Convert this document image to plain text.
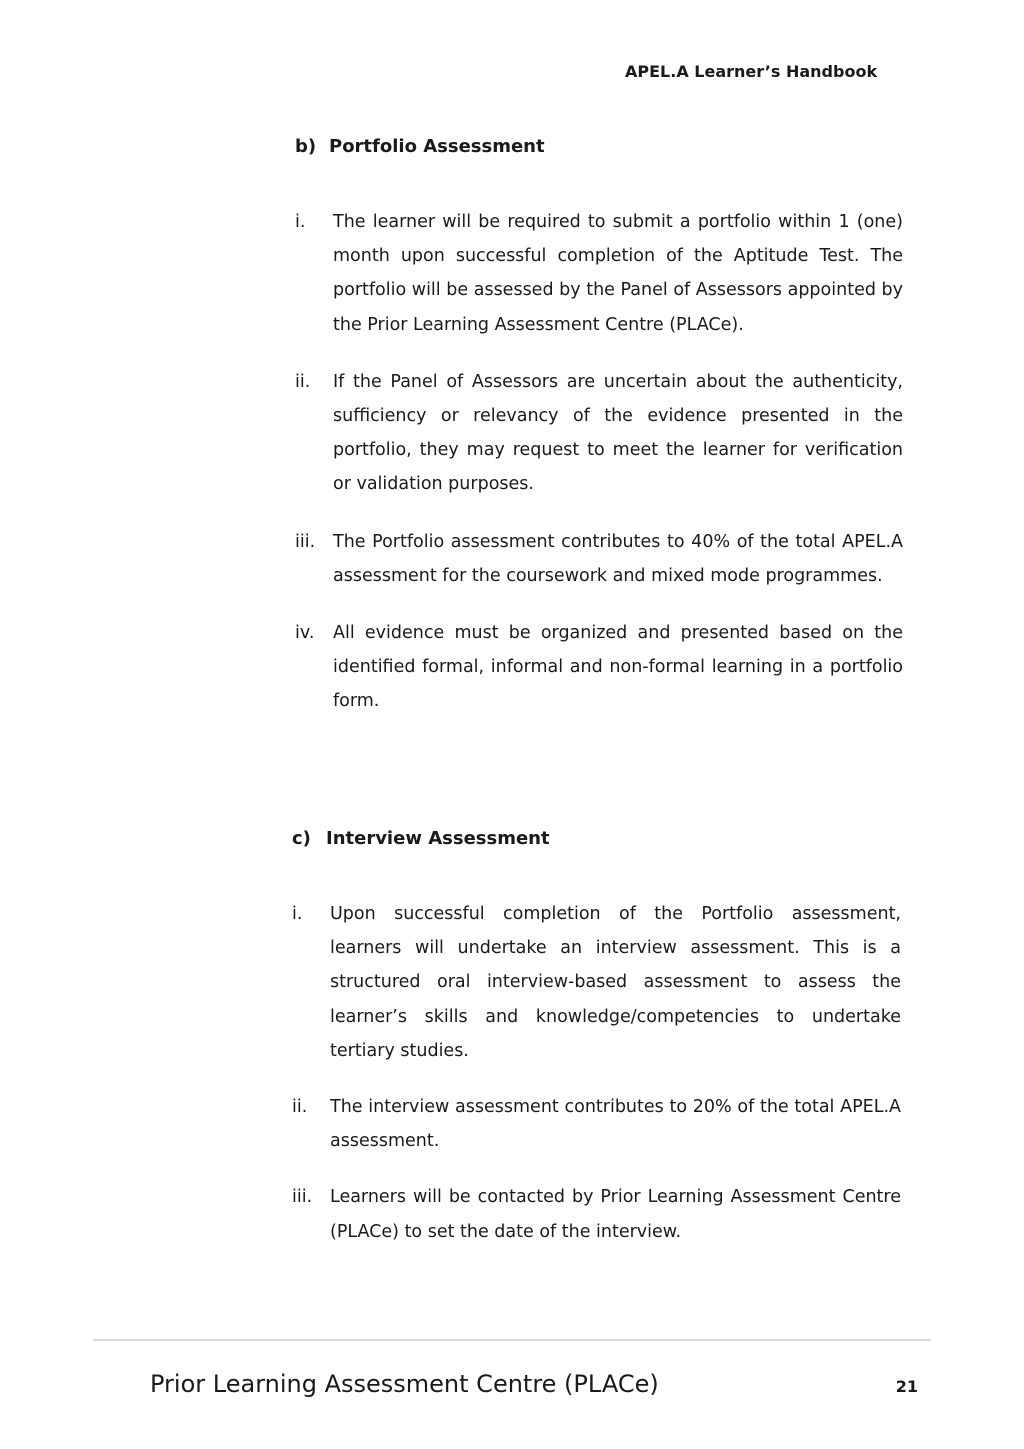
APEL.A Learner’s Handbook
b) Portfolio Assessment
i.	The learner will be required to submit a portfolio within 1 (one) month upon successful completion of the Aptitude Test. The portfolio will be assessed by the Panel of Assessors appointed by the Prior Learning Assessment Centre (PLACe).
ii.	If the Panel of Assessors are uncertain about the authenticity, sufficiency or relevancy of the evidence presented in the portfolio, they may request to meet the learner for verification or validation purposes.
iii.	The Portfolio assessment contributes to 40% of the total APEL.A assessment for the coursework and mixed mode programmes.
iv.	All evidence must be organized and presented based on the identified formal, informal and non-formal learning in a portfolio form.
c) Interview Assessment
i.	Upon successful completion of the Portfolio assessment, learners will undertake an interview assessment. This is a structured oral interview-based assessment to assess the learner’s skills and knowledge/competencies to undertake tertiary studies.
ii.	The interview assessment contributes to 20% of the total APEL.A assessment.
iii.	Learners will be contacted by Prior Learning Assessment Centre (PLACe) to set the date of the interview.
Prior Learning Assessment Centre (PLACe)	21
